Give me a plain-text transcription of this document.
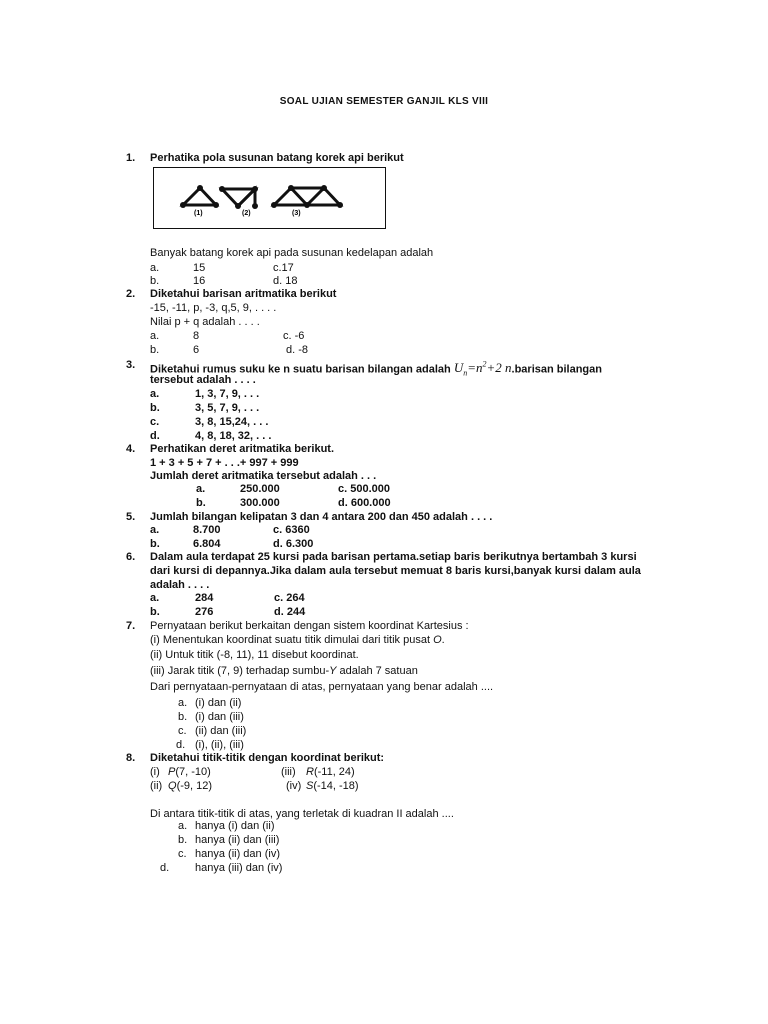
SOAL UJIAN SEMESTER GANJIL KLS VIII
1. Perhatika pola susunan batang korek api berikut
(1)	(2)	(3)
Banyak batang korek api pada susunan kedelapan adalah
a.	15	c.17
b.	16	d. 18
2. Diketahui barisan aritmatika berikut
-15, -11, p, -3, q,5, 9, . . . .
Nilai p + q adalah . . . .
a.	8	c. -6
b.	6	d. -8
3. Diketahui rumus suku ke n suatu barisan bilangan adalah $U_n=n^2+2$ n.barisan bilangan
tersebut adalah . . . .
a.	1, 3, 7, 9, . . .
b.	3, 5, 7, 9, . . .
c.	3, 8, 15,24, . . .
d.	4, 8, 18, 32, . . .
4. Perhatikan deret aritmatika berikut.
1 + 3 + 5 + 7 + . . .+ 997 + 999
Jumlah deret aritmatika tersebut adalah . . .
a.	250.000	c. 500.000
b.	300.000	d. 600.000
5. Jumlah bilangan kelipatan 3 dan 4 antara 200 dan 450 adalah . . . .
a.	8.700	c. 6360
b.	6.804	d. 6.300
6. Dalam aula terdapat 25 kursi pada barisan pertama.setiap baris berikutnya bertambah 3 kursi
dari kursi di depannya.Jika dalam aula tersebut memuat 8 baris kursi,banyak kursi dalam aula
adalah . . . .
a.	284	c. 264
b.	276	d. 244
7. Pernyataan berikut berkaitan dengan sistem koordinat Kartesius :
(i) Menentukan koordinat suatu titik dimulai dari titik pusat O.
(ii) Untuk titik (-8, 11), 11 disebut koordinat.
(iii) Jarak titik (7, 9) terhadap sumbu-Y adalah 7 satuan
Dari pernyataan-pernyataan di atas, pernyataan yang benar adalah ....
a. (i) dan (ii)
b. (i) dan (iii)
c. (ii) dan (iii)
d. (i), (ii), (iii)
8. Diketahui titik-titik dengan koordinat berikut:
(i) P(7, -10)	(iii) R(-11, 24)
(ii) Q(-9, 12)	(iv) S(-14, -18)
Di antara titik-titik di atas, yang terletak di kuadran II adalah ....
a. hanya (i) dan (ii)
b. hanya (ii) dan (iii)
c. hanya (ii) dan (iv)
d. hanya (iii) dan (iv)
